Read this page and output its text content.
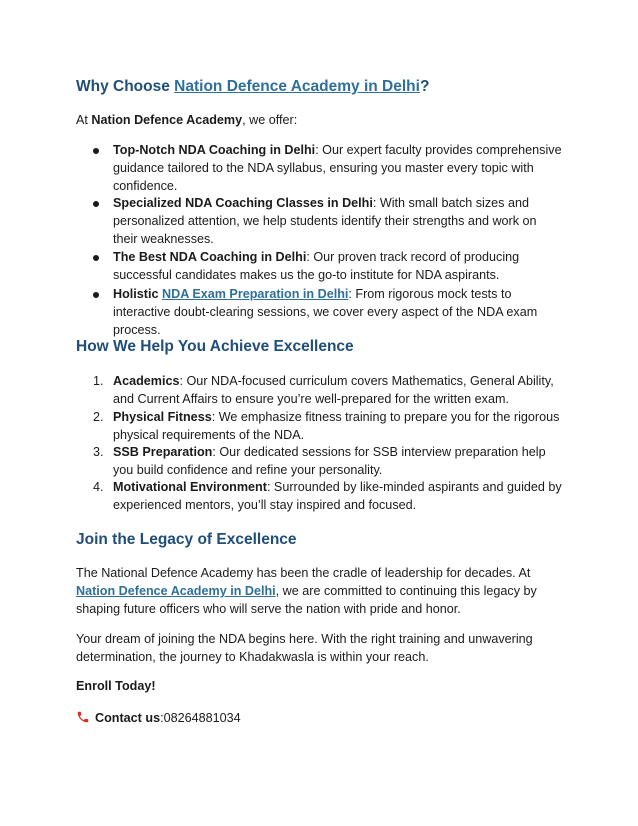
Why Choose Nation Defence Academy in Delhi?

At Nation Defence Academy, we offer:

Top-Notch NDA Coaching in Delhi: Our expert faculty provides comprehensive guidance tailored to the NDA syllabus, ensuring you master every topic with confidence.

Specialized NDA Coaching Classes in Delhi: With small batch sizes and personalized attention, we help students identify their strengths and work on their weaknesses.

The Best NDA Coaching in Delhi: Our proven track record of producing successful candidates makes us the go-to institute for NDA aspirants.

Holistic NDA Exam Preparation in Delhi: From rigorous mock tests to interactive doubt-clearing sessions, we cover every aspect of the NDA exam process.

How We Help You Achieve Excellence
1. Academics: Our NDA-focused curriculum covers Mathematics, General Ability, and Current Affairs to ensure you’re well-prepared for the written exam.

2. Physical Fitness: We emphasize fitness training to prepare you for the rigorous physical requirements of the NDA.

3. SSB Preparation: Our dedicated sessions for SSB interview preparation help you build confidence and refine your personality.

4. Motivational Environment: Surrounded by like-minded aspirants and guided by experienced mentors, you’ll stay inspired and focused.

Join the Legacy of Excellence

The National Defence Academy has been the cradle of leadership for decades. At Nation Defence Academy in Delhi, we are committed to continuing this legacy by shaping future officers who will serve the nation with pride and honor.

Your dream of joining the NDA begins here. With the right training and unwavering determination, the journey to Khadakwasla is within your reach.

Enroll Today!

Contact us:08264881034
